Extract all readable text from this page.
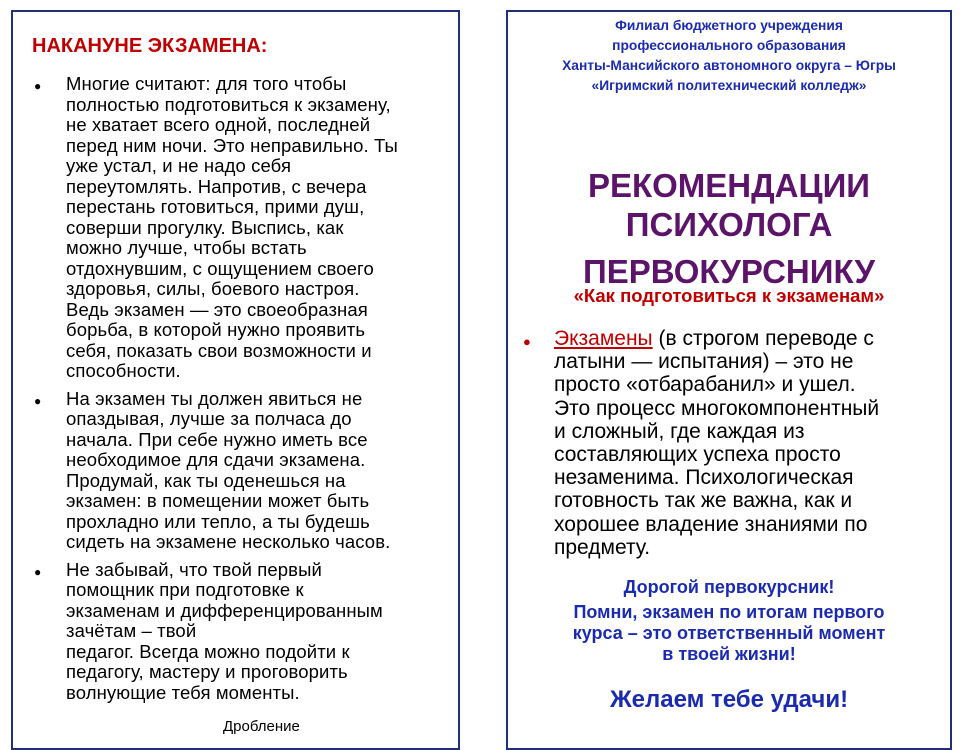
НАКАНУНЕ ЭКЗАМЕНА:
● Многие считают: для того чтобы
полностью подготовиться к экзамену,
не хватает всего одной, последней
перед ним ночи. Это неправильно. Ты
уже устал, и не надо себя
переутомлять. Напротив, с вечера
перестань готовиться, прими душ,
соверши прогулку. Выспись, как
можно лучше, чтобы встать
отдохнувшим, с ощущением своего
здоровья, силы, боевого настроя.
Ведь экзамен — это своеобразная
борьба, в которой нужно проявить
себя, показать свои возможности и
способности.
● На экзамен ты должен явиться не
опаздывая, лучше за полчаса до
начала. При себе нужно иметь все
необходимое для сдачи экзамена.
Продумай, как ты оденешься на
экзамен: в помещении может быть
прохладно или тепло, а ты будешь
сидеть на экзамене несколько часов.
● Не забывай, что твой первый
помощник при подготовке к
экзаменам и дифференцированным
зачётам – твой
педагог. Всегда можно подойти к
педагогу, мастеру и проговорить
волнующие тебя моменты.
Дробление
Филиал бюджетного учреждения
профессионального образования
Ханты-Мансийского автономного округа – Югры
«Игримский политехнический колледж»

РЕКОМЕНДАЦИИ
ПСИХОЛОГА

ПЕРВОКУРСНИКУ

«Как подготовиться к экзаменам»
● Экзамены (в строгом переводе с
латыни — испытания) – это не
просто «отбарабанил» и ушел.
Это процесс многокомпонентный
и сложный, где каждая из
составляющих успеха просто
незаменима. Психологическая
готовность так же важна, как и
хорошее владение знаниями по
предмету.
Дорогой первокурсник!
Помни, экзамен по итогам первого
курса – это ответственный момент
в твоей жизни!
Желаем тебе удачи!
